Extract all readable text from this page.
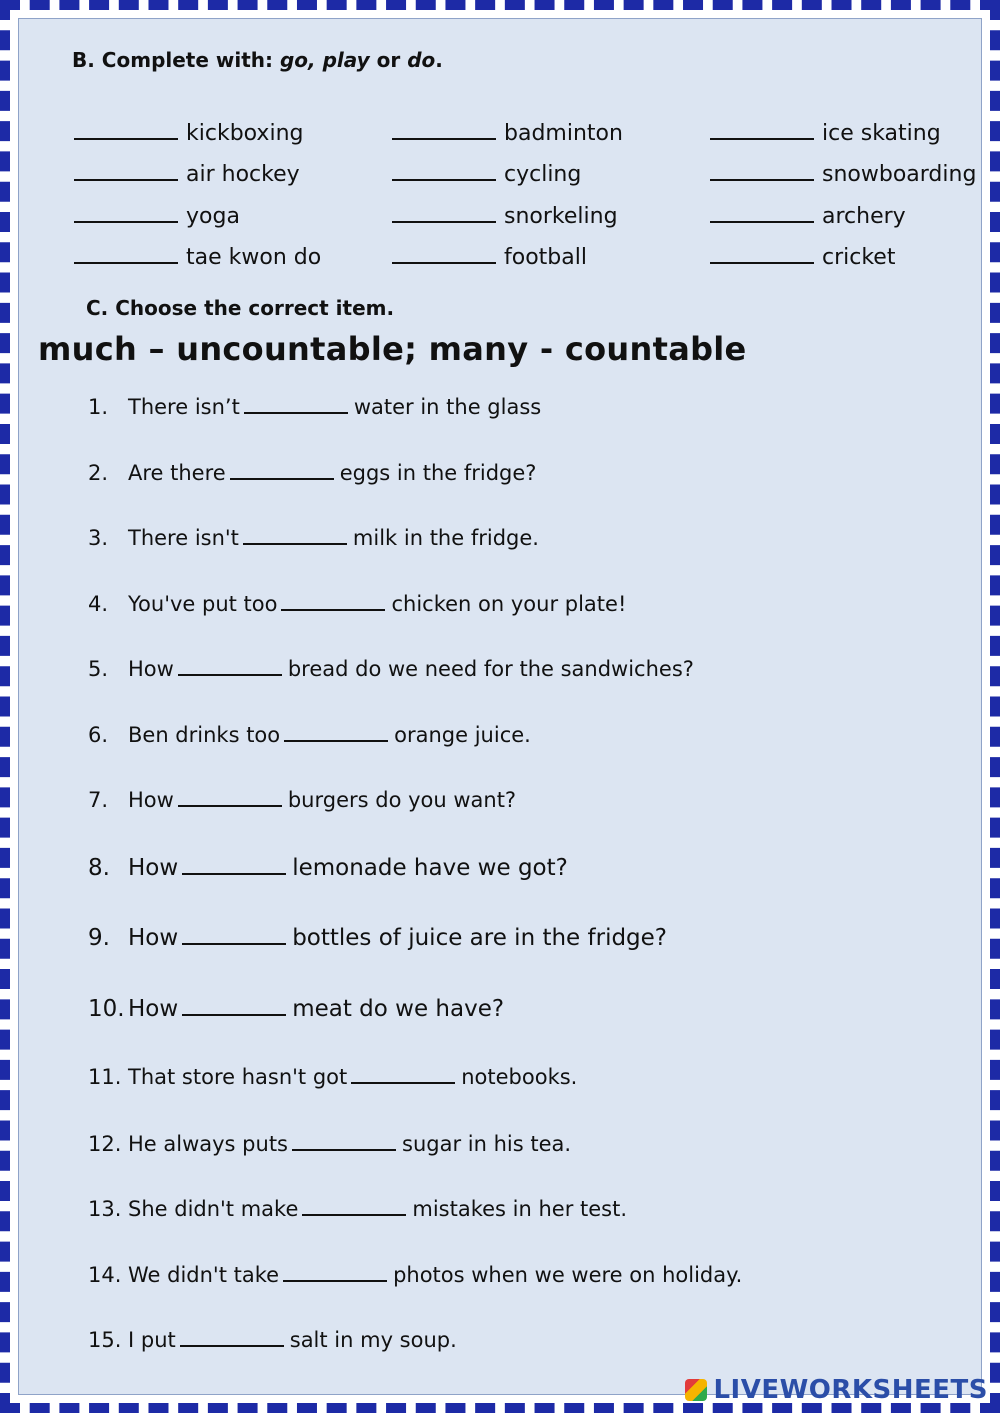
B. Complete with: go, play or do.
kickboxing	badminton	ice skating
air hockey	cycling	snowboarding
yoga	snorkeling	archery
tae kwon do	football	cricket
C. Choose the correct item.
much – uncountable; many - countable
1. There isn’t	water in the glass
2. Are there	eggs in the fridge?
3. There isn't	milk in the fridge.
4. You've put too	chicken on your plate!
5. How	bread do we need for the sandwiches?
6. Ben drinks too	orange juice.
7. How	burgers do you want?
8. How	lemonade have we got?
9. How	bottles of juice are in the fridge?
10. How	meat do we have?
11. That store hasn't got	notebooks.
12. He always puts	sugar in his tea.
13. She didn't make	mistakes in her test.
14. We didn't take	photos when we were on holiday.
15. I put	salt in my soup.
LIVEWORKSHEETS
